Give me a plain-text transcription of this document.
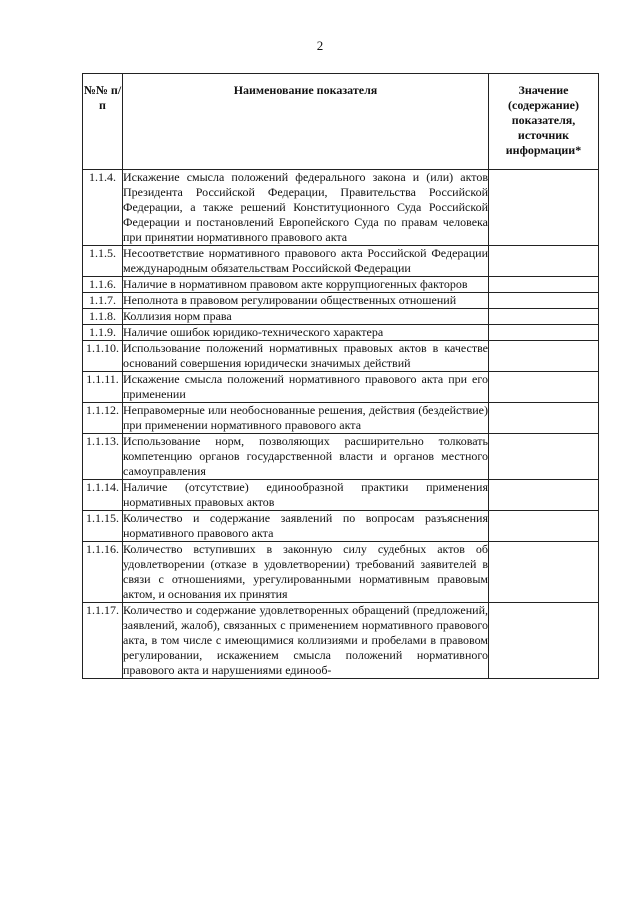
2
№№ п/п	Наименование показателя	Значение (содержание) показателя, источник информации*
1.1.4.	Искажение смысла положений федерального закона и (или) актов Президента Российской Федерации, Правительства Российской Федерации, а также решений Конституционного Суда Российской Федерации и постановлений Европейского Суда по правам человека при принятии нормативного правового акта	
1.1.5.	Несоответствие нормативного правового акта Российской Федерации международным обязательствам Российской Федерации	
1.1.6.	Наличие в нормативном правовом акте коррупциогенных факторов	
1.1.7.	Неполнота в правовом регулировании общественных отношений	
1.1.8.	Коллизия норм права	
1.1.9.	Наличие ошибок юридико-технического характера	
1.1.10.	Использование положений нормативных правовых актов в качестве оснований совершения юридически значимых действий	
1.1.11.	Искажение смысла положений нормативного правового акта при его применении	
1.1.12.	Неправомерные или необоснованные решения, действия (бездействие) при применении нормативного правового акта	
1.1.13.	Использование норм, позволяющих расширительно толковать компетенцию органов государственной власти и органов местного самоуправления	
1.1.14.	Наличие (отсутствие) единообразной практики применения нормативных правовых актов	
1.1.15.	Количество и содержание заявлений по вопросам разъяснения нормативного правового акта	
1.1.16.	Количество вступивших в законную силу судебных актов об удовлетворении (отказе в удовлетворении) требований заявителей в связи с отношениями, урегулированными нормативным правовым актом, и основания их принятия	
1.1.17.	Количество и содержание удовлетворенных обращений (предложений, заявлений, жалоб), связанных с применением нормативного правового акта, в том числе с имеющимися коллизиями и пробелами в правовом регулировании, искажением смысла положений нормативного правового акта и нарушениями единооб-	
